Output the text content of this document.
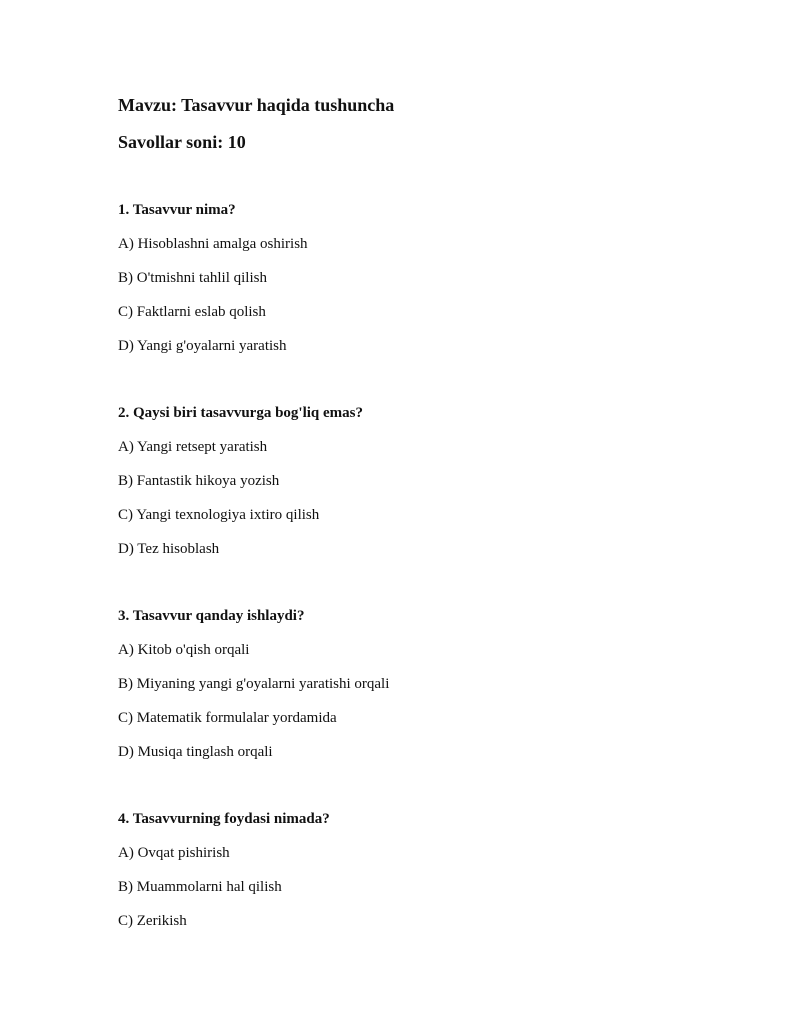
Mavzu: Tasavvur haqida tushuncha

Savollar soni: 10

1. Tasavvur nima?

A) Hisoblashni amalga oshirish

B) O'tmishni tahlil qilish

C) Faktlarni eslab qolish

D) Yangi g'oyalarni yaratish

2. Qaysi biri tasavvurga bog'liq emas?

A) Yangi retsept yaratish

B) Fantastik hikoya yozish

C) Yangi texnologiya ixtiro qilish

D) Tez hisoblash

3. Tasavvur qanday ishlaydi?

A) Kitob o'qish orqali

B) Miyaning yangi g'oyalarni yaratishi orqali

C) Matematik formulalar yordamida

D) Musiqa tinglash orqali

4. Tasavvurning foydasi nimada?

A) Ovqat pishirish

B) Muammolarni hal qilish

C) Zerikish
